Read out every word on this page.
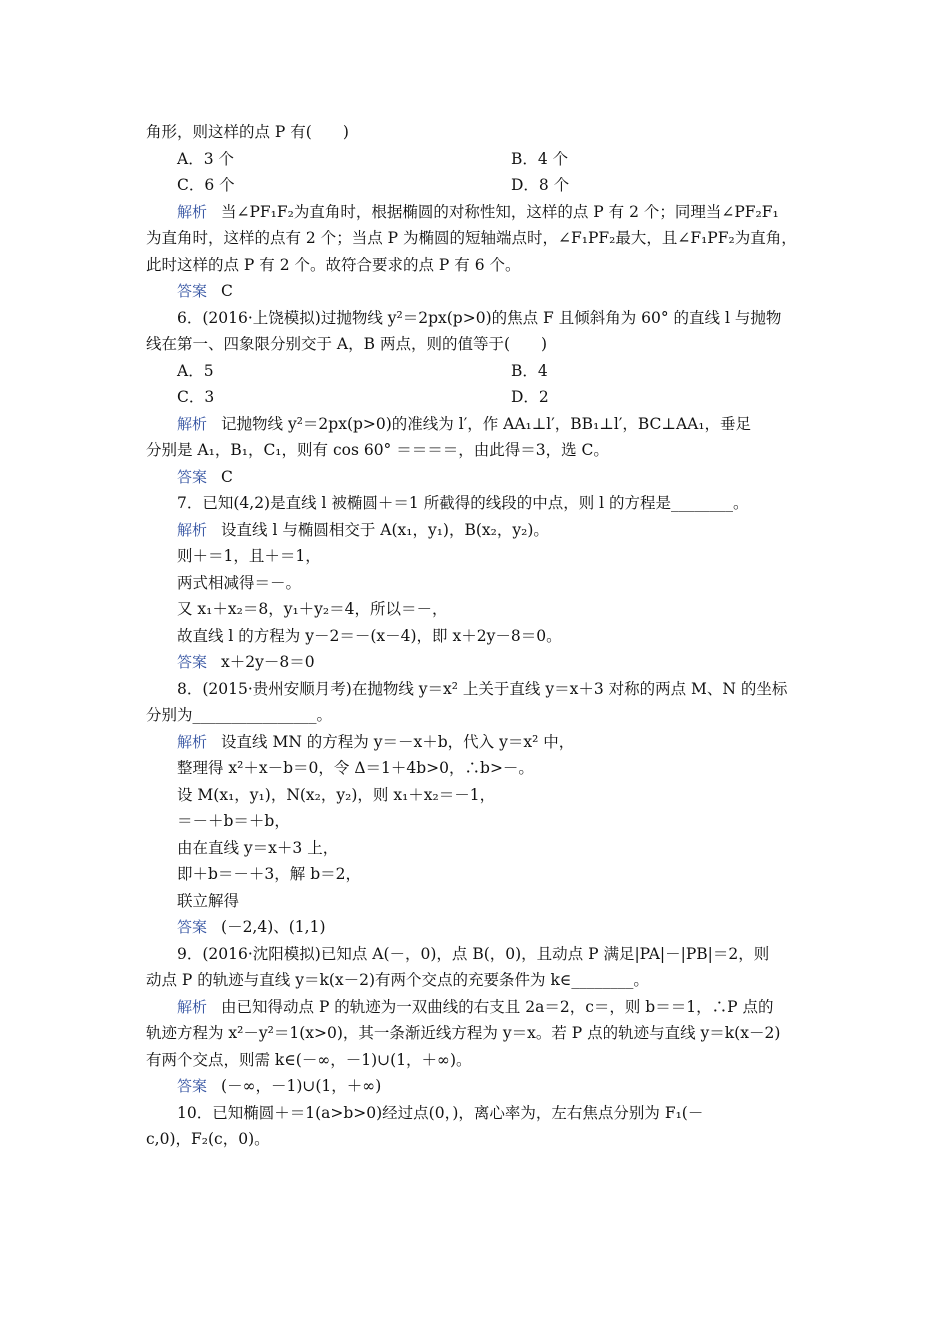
角形，则这样的点 P 有(　　)
A．3 个	B．4 个
C．6 个	D．8 个
解析 当∠PF₁F₂为直角时，根据椭圆的对称性知，这样的点 P 有 2 个；同理当∠PF₂F₁
为直角时，这样的点有 2 个；当点 P 为椭圆的短轴端点时，∠F₁PF₂最大，且∠F₁PF₂为直角，
此时这样的点 P 有 2 个。故符合要求的点 P 有 6 个。
答案 C
6．(2016·上饶模拟)过抛物线 y²＝2px(p>0)的焦点 F 且倾斜角为 60° 的直线 l 与抛物
线在第一、四象限分别交于 A，B 两点，则的值等于(　　)
A．5	B．4
C．3	D．2
解析 记抛物线 y²＝2px(p>0)的准线为 l′，作 AA₁⊥l′，BB₁⊥l′，BC⊥AA₁，垂足
分别是 A₁，B₁，C₁，则有 cos 60° ＝＝＝＝，由此得＝3，选 C。
答案 C
7．已知(4,2)是直线 l 被椭圆＋＝1 所截得的线段的中点，则 l 的方程是________。
解析 设直线 l 与椭圆相交于 A(x₁，y₁)，B(x₂，y₂)。
则＋＝1，且＋＝1，
两式相减得＝－。
又 x₁＋x₂＝8，y₁＋y₂＝4，所以＝－，
故直线 l 的方程为 y－2＝－(x－4)，即 x＋2y－8＝0。
答案 x＋2y－8＝0
8．(2015·贵州安顺月考)在抛物线 y＝x² 上关于直线 y＝x＋3 对称的两点 M、N 的坐标
分别为________________。
解析 设直线 MN 的方程为 y＝－x＋b，代入 y＝x² 中，
整理得 x²＋x－b＝0，令 Δ＝1＋4b>0，∴b>－。
设 M(x₁，y₁)，N(x₂，y₂)，则 x₁＋x₂＝－1，
＝－＋b＝＋b，
由在直线 y＝x＋3 上，
即＋b＝－＋3，解 b＝2，
联立解得
答案 (－2,4)、(1,1)
9．(2016·沈阳模拟)已知点 A(－，0)，点 B(，0)，且动点 P 满足|PA|－|PB|＝2，则
动点 P 的轨迹与直线 y＝k(x－2)有两个交点的充要条件为 k∈________。
解析 由已知得动点 P 的轨迹为一双曲线的右支且 2a＝2，c＝，则 b＝＝1，∴P 点的
轨迹方程为 x²－y²＝1(x>0)，其一条渐近线方程为 y＝x。若 P 点的轨迹与直线 y＝k(x－2)
有两个交点，则需 k∈(－∞，－1)∪(1，＋∞)。
答案 (－∞，－1)∪(1，＋∞)
10．已知椭圆＋＝1(a>b>0)经过点(0，)，离心率为，左右焦点分别为 F₁(－
c,0)，F₂(c，0)。
